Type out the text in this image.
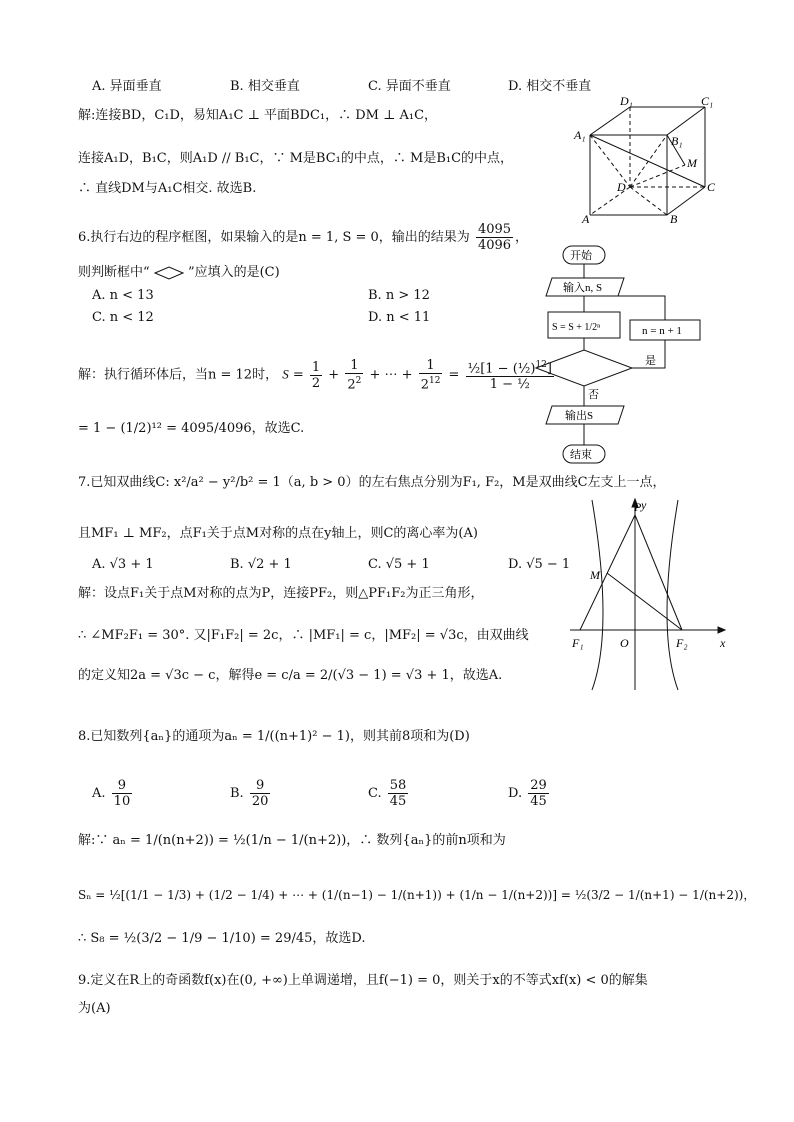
A. 异面垂直	B. 相交垂直	C. 异面不垂直	D. 相交不垂直
解:连接BD，C₁D，易知A₁C ⊥ 平面BDC₁，∴ DM ⊥ A₁C，
连接A₁D，B₁C，则A₁D // B₁C，∵ M是BC₁的中点，∴ M是B₁C的中点，
∴ 直线DM与A₁C相交. 故选B.
D₁	C₁
A₁	B₁
M
D	C
A	B
6.执行右边的程序框图，如果输入的是n = 1, S = 0，输出的结果为 $\frac{4095}{4096}$ ，
则判断框中“	”应填入的是(C)
A. n < 13	B. n > 12
C. n < 12	D. n < 11
解：执行循环体后，当n = 12时， $S = \frac{1}{2} + \frac{1}{2^2}$ + ⋯ + $\frac{1}{2^{12}} = \frac{\frac{1}{2}[1 - (\frac{1}{2})^{12}]}{\text{1 − ½}}$
= 1 − (1/2)¹² = 4095/4096，故选C.
开始
输入n, S
S = S + 1/2ⁿ	n = n + 1
是
否
输出S
结束
7.已知双曲线C: x²/a² − y²/b² = 1（a, b > 0）的左右焦点分别为F₁, F₂，M是双曲线C左支上一点，
且MF₁ ⊥ MF₂，点F₁关于点M对称的点在y轴上，则C的离心率为(A)
A. √3 + 1	B. √2 + 1	C. √5 + 1	D. √5 − 1
解：设点F₁关于点M对称的点为P，连接PF₂，则△PF₁F₂为正三角形，
∴ ∠MF₂F₁ = 30°. 又|F₁F₂| = 2c，∴ |MF₁| = c，|MF₂| = √3c，由双曲线
的定义知2a = √3c − c，解得e = c/a = 2/(√3 − 1) = √3 + 1，故选A.
y
P
M
F₁	O	F₂	x
8.已知数列{aₙ}的通项为aₙ = 1/((n+1)² − 1)，则其前8项和为(D)
A. $\frac{9}{10}$	B. $\frac{9}{20}$	C. $\frac{58}{45}$	D. $\frac{29}{45}$
解:∵ aₙ = 1/(n(n+2)) = ½(1/n − 1/(n+2))，∴ 数列{aₙ}的前n项和为
Sₙ = ½[(1/1 − 1/3) + (1/2 − 1/4) + ⋯ + (1/(n−1) − 1/(n+1)) + (1/n − 1/(n+2))] = ½(3/2 − 1/(n+1) − 1/(n+2))，
∴ S₈ = ½(3/2 − 1/9 − 1/10) = 29/45，故选D.
9.定义在R上的奇函数f(x)在(0, +∞)上单调递增，且f(−1) = 0，则关于x的不等式xf(x) < 0的解集
为(A)
